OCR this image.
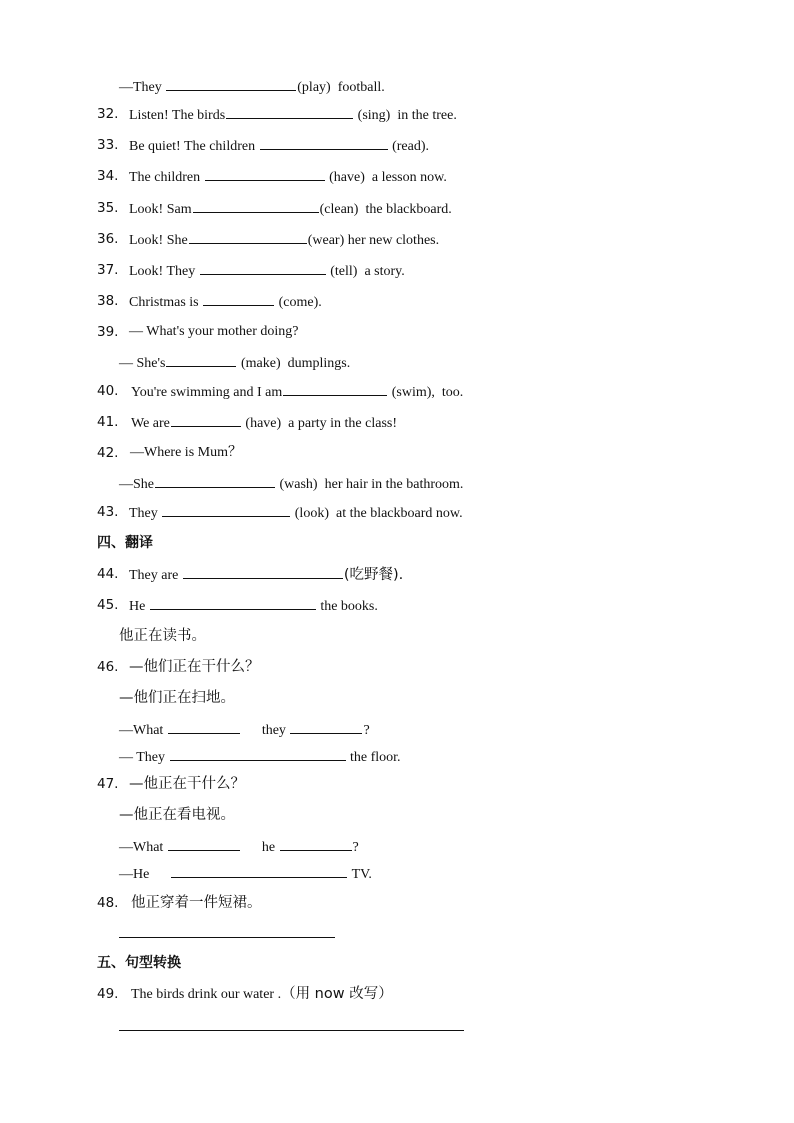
—They	(play) football.
32. Listen! The birds	(sing) in the tree.
33. Be quiet! The children	(read).
34. The children	(have) a lesson now.
35. Look! Sam	(clean) the blackboard.
36. Look! She	(wear) her new clothes.
37. Look! They	(tell) a story.
38. Christmas is	(come).
39. — What's your mother doing?
— She's	(make) dumplings.
40. You're swimming and I am	(swim), too.
41. We are	(have) a party in the class!
42. —Where is Mum？
—She	(wash) her hair in the bathroom.
43. They	(look) at the blackboard now.
四、翻译
44. They are	(吃野餐).
45. He	the books.
他正在读书。
46. —他们正在干什么？
—他们正在扫地。
—What	they	?
— They	the floor.
47. —他正在干什么？
—他正在看电视。
—What	he	?
—He	TV.
48. 他正穿着一件短裙。
五、句型转换
49. The birds drink our water .（用 now 改写）
